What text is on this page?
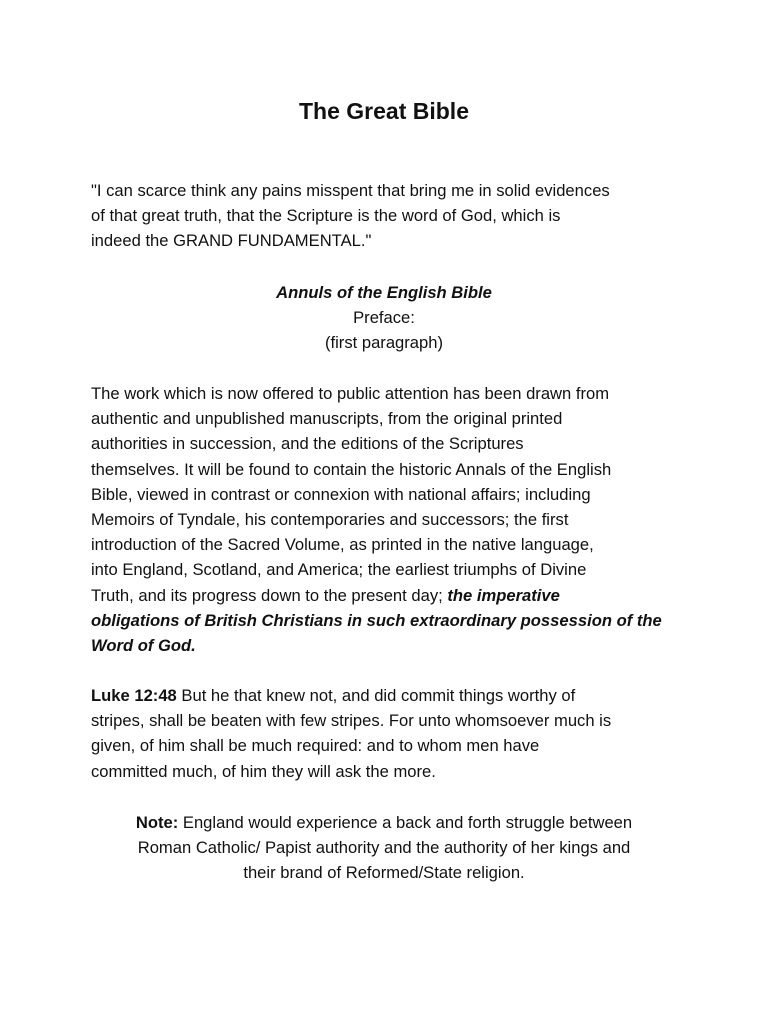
The Great Bible
"I can scarce think any pains misspent that bring me in solid evidences
of that great truth, that the Scripture is the word of God, which is
indeed the GRAND FUNDAMENTAL."
Annuls of the English Bible
Preface:
(first paragraph)
The work which is now offered to public attention has been drawn from
authentic and unpublished manuscripts, from the original printed
authorities in succession, and the editions of the Scriptures
themselves. It will be found to contain the historic Annals of the English
Bible, viewed in contrast or connexion with national affairs; including
Memoirs of Tyndale, his contemporaries and successors; the first
introduction of the Sacred Volume, as printed in the native language,
into England, Scotland, and America; the earliest triumphs of Divine
Truth, and its progress down to the present day; the imperative
obligations of British Christians in such extraordinary possession of the
Word of God.
Luke 12:48 But he that knew not, and did commit things worthy of
stripes, shall be beaten with few stripes. For unto whomsoever much is
given, of him shall be much required: and to whom men have
committed much, of him they will ask the more.
Note: England would experience a back and forth struggle between
Roman Catholic/ Papist authority and the authority of her kings and
their brand of Reformed/State religion.
